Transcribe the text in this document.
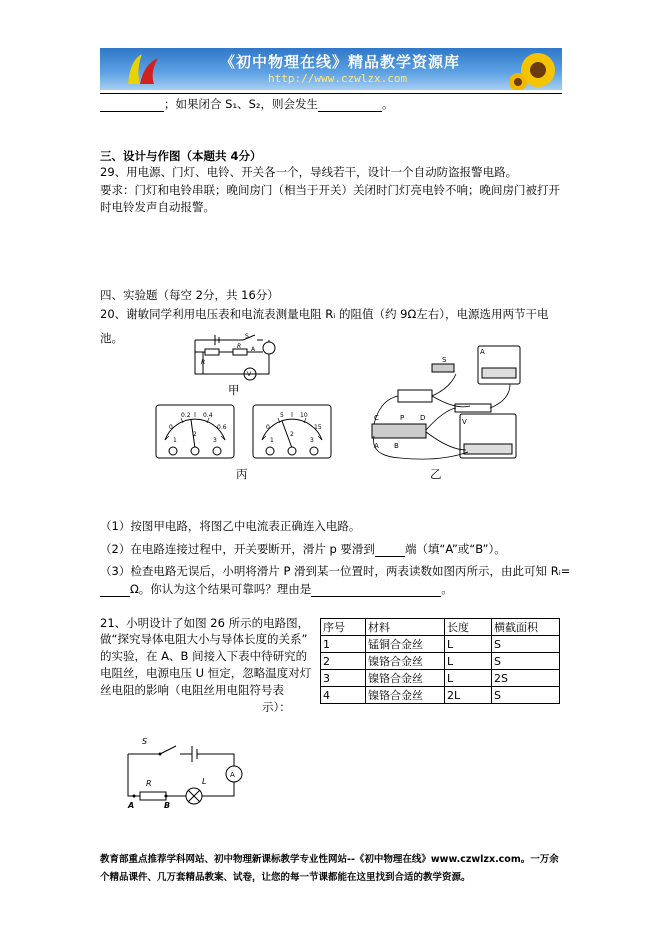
《初中物理在线》精品教学资源库
http://www.czwlzx.com
；如果闭合 S₁、S₂，则会发生	。
三、设计与作图（本题共 4分）
29、用电源、门灯、电铃、开关各一个，导线若干，设计一个自动防盗报警电路。
要求：门灯和电铃串联；晚间房门（相当于开关）关闭时门灯亮电铃不响；晚间房门被打开
时电铃发声自动报警。
四、实验题（每空 2分，共 16分）
20、谢敏同学利用电压表和电流表测量电阻 Rᵢ 的阻值（约 9Ω左右），电源选用两节干电
池。
A
V
S
R
R
甲
0
0.2 0.4
0.6
1
2
3
0
5	10
15
1
2
3
丙
A
S
V
C	P D
A B
乙
（1）按图甲电路，将图乙中电流表正确连入电路。
（2）在电路连接过程中，开关要断开，滑片 p 要滑到	端（填“A”或“B”）。
（3）检查电路无误后，小明将滑片 P 滑到某一位置时，两表读数如图丙所示，由此可知 Rᵢ=
Ω。你认为这个结果可靠吗？理由是	。
21、小明设计了如图 26 所示的电路图，
做“探究导体电阻大小与导体长度的关系”
的实验，在 A、B 间接入下表中待研究的
电阻丝，电源电压 U 恒定，忽略温度对灯
丝电阻的影响（电阻丝用电阻符号表
示）：
序号	材料	长度	横截面积
1	锰铜合金丝	L	S
2	镍铬合金丝	L	S
3	镍铬合金丝	L	2S
4	镍铬合金丝	2L	S
S
R	L
A
A	B
教育部重点推荐学科网站、初中物理新课标教学专业性网站--《初中物理在线》www.czwlzx.com。一万余
个精品课件、几万套精品教案、试卷，让您的每一节课都能在这里找到合适的教学资源。
